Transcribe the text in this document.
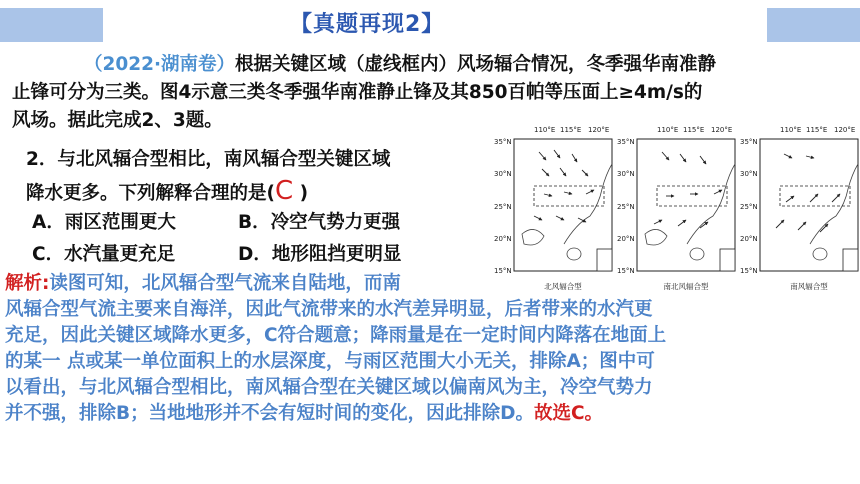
【真题再现2】
（2022·湖南卷）根据关键区域（虚线框内）风场辐合情况，冬季强华南准静
止锋可分为三类。图4示意三类冬季强华南准静止锋及其850百帕等压面上≥4m/s的
风场。据此完成2、3题。
2．与北风辐合型相比，南风辐合型关键区域
降水更多。下列解释合理的是(C )
A．雨区范围更大	B．冷空气势力更强
C．水汽量更充足	D．地形阻挡更明显
110°E 115°E 120°E	110°E 115°E 120°E	110°E 115°E 120°E
35°N
30°N
25°N
20°N
15°N
35°N
30°N
25°N
20°N
15°N
35°N
30°N
25°N
20°N
15°N
北风辐合型	南北风辐合型	南风辐合型
解析:读图可知，北风辐合型气流来自陆地，而南
风辐合型气流主要来自海洋，因此气流带来的水汽差异明显，后者带来的水汽更
充足，因此关键区域降水更多，C符合题意；降雨量是在一定时间内降落在地面上
的某一 点或某一单位面积上的水层深度，与雨区范围大小无关，排除A；图中可
以看出，与北风辐合型相比，南风辐合型在关键区域以偏南风为主，冷空气势力
并不强，排除B；当地地形并不会有短时间的变化，因此排除D。故选C。
